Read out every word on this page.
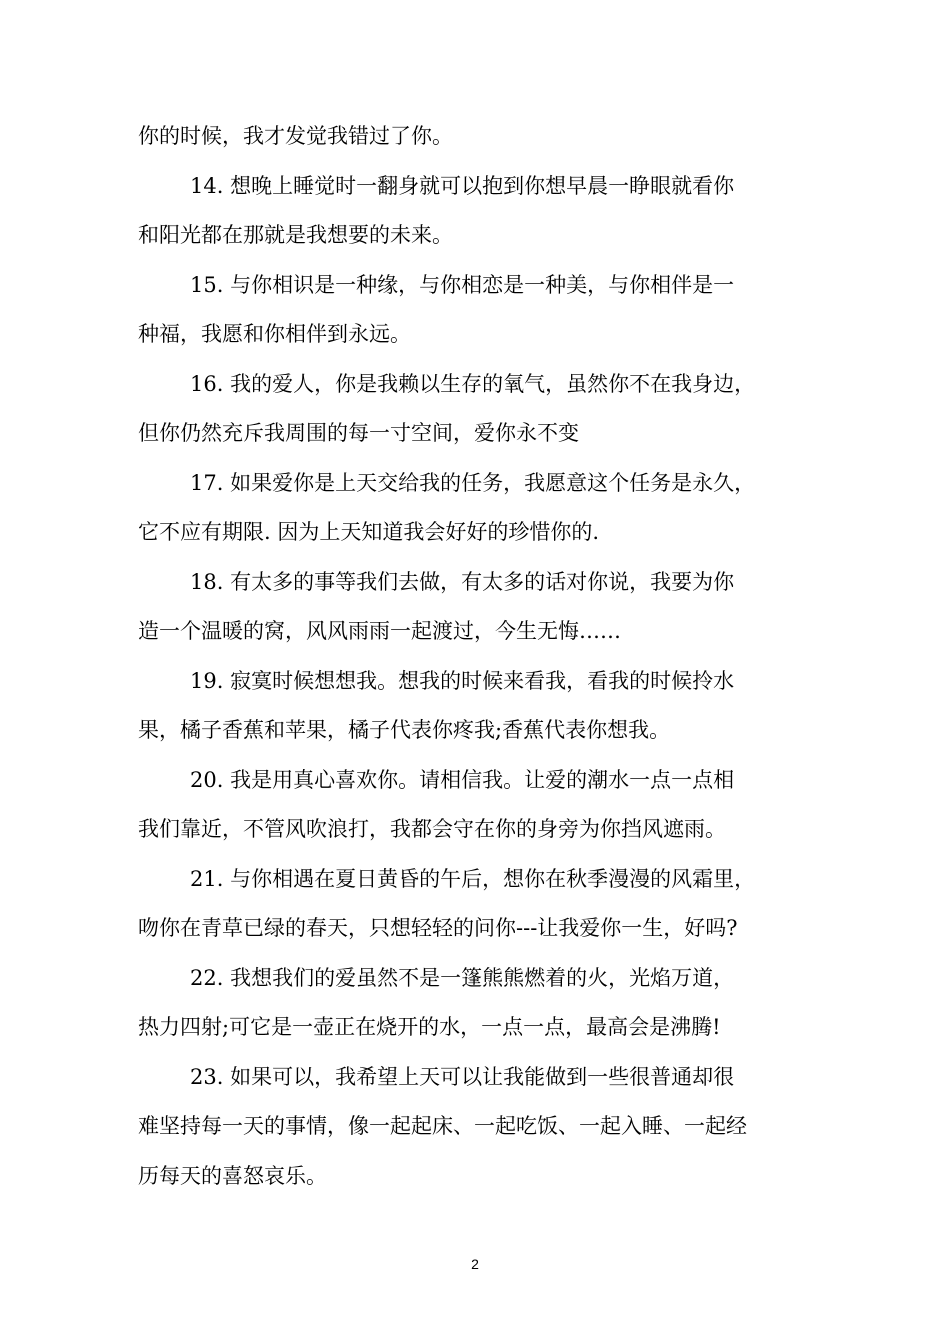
你的时候，我才发觉我错过了你。
14. 想晚上睡觉时一翻身就可以抱到你想早晨一睁眼就看你
和阳光都在那就是我想要的未来。
15. 与你相识是一种缘，与你相恋是一种美，与你相伴是一
种福，我愿和你相伴到永远。
16. 我的爱人，你是我赖以生存的氧气，虽然你不在我身边，
但你仍然充斥我周围的每一寸空间，爱你永不变
17. 如果爱你是上天交给我的任务，我愿意这个任务是永久，
它不应有期限. 因为上天知道我会好好的珍惜你的.
18. 有太多的事等我们去做，有太多的话对你说，我要为你
造一个温暖的窝，风风雨雨一起渡过，今生无悔……
19. 寂寞时候想想我。想我的时候来看我，看我的时候拎水
果，橘子香蕉和苹果，橘子代表你疼我;香蕉代表你想我。
20. 我是用真心喜欢你。请相信我。让爱的潮水一点一点相
我们靠近，不管风吹浪打，我都会守在你的身旁为你挡风遮雨。
21. 与你相遇在夏日黄昏的午后，想你在秋季漫漫的风霜里，
吻你在青草已绿的春天，只想轻轻的问你---让我爱你一生，好吗?
22. 我想我们的爱虽然不是一篷熊熊燃着的火，光焰万道，
热力四射;可它是一壶正在烧开的水，一点一点，最高会是沸腾!
23. 如果可以，我希望上天可以让我能做到一些很普通却很
难坚持每一天的事情，像一起起床、一起吃饭、一起入睡、一起经
历每天的喜怒哀乐。
2
